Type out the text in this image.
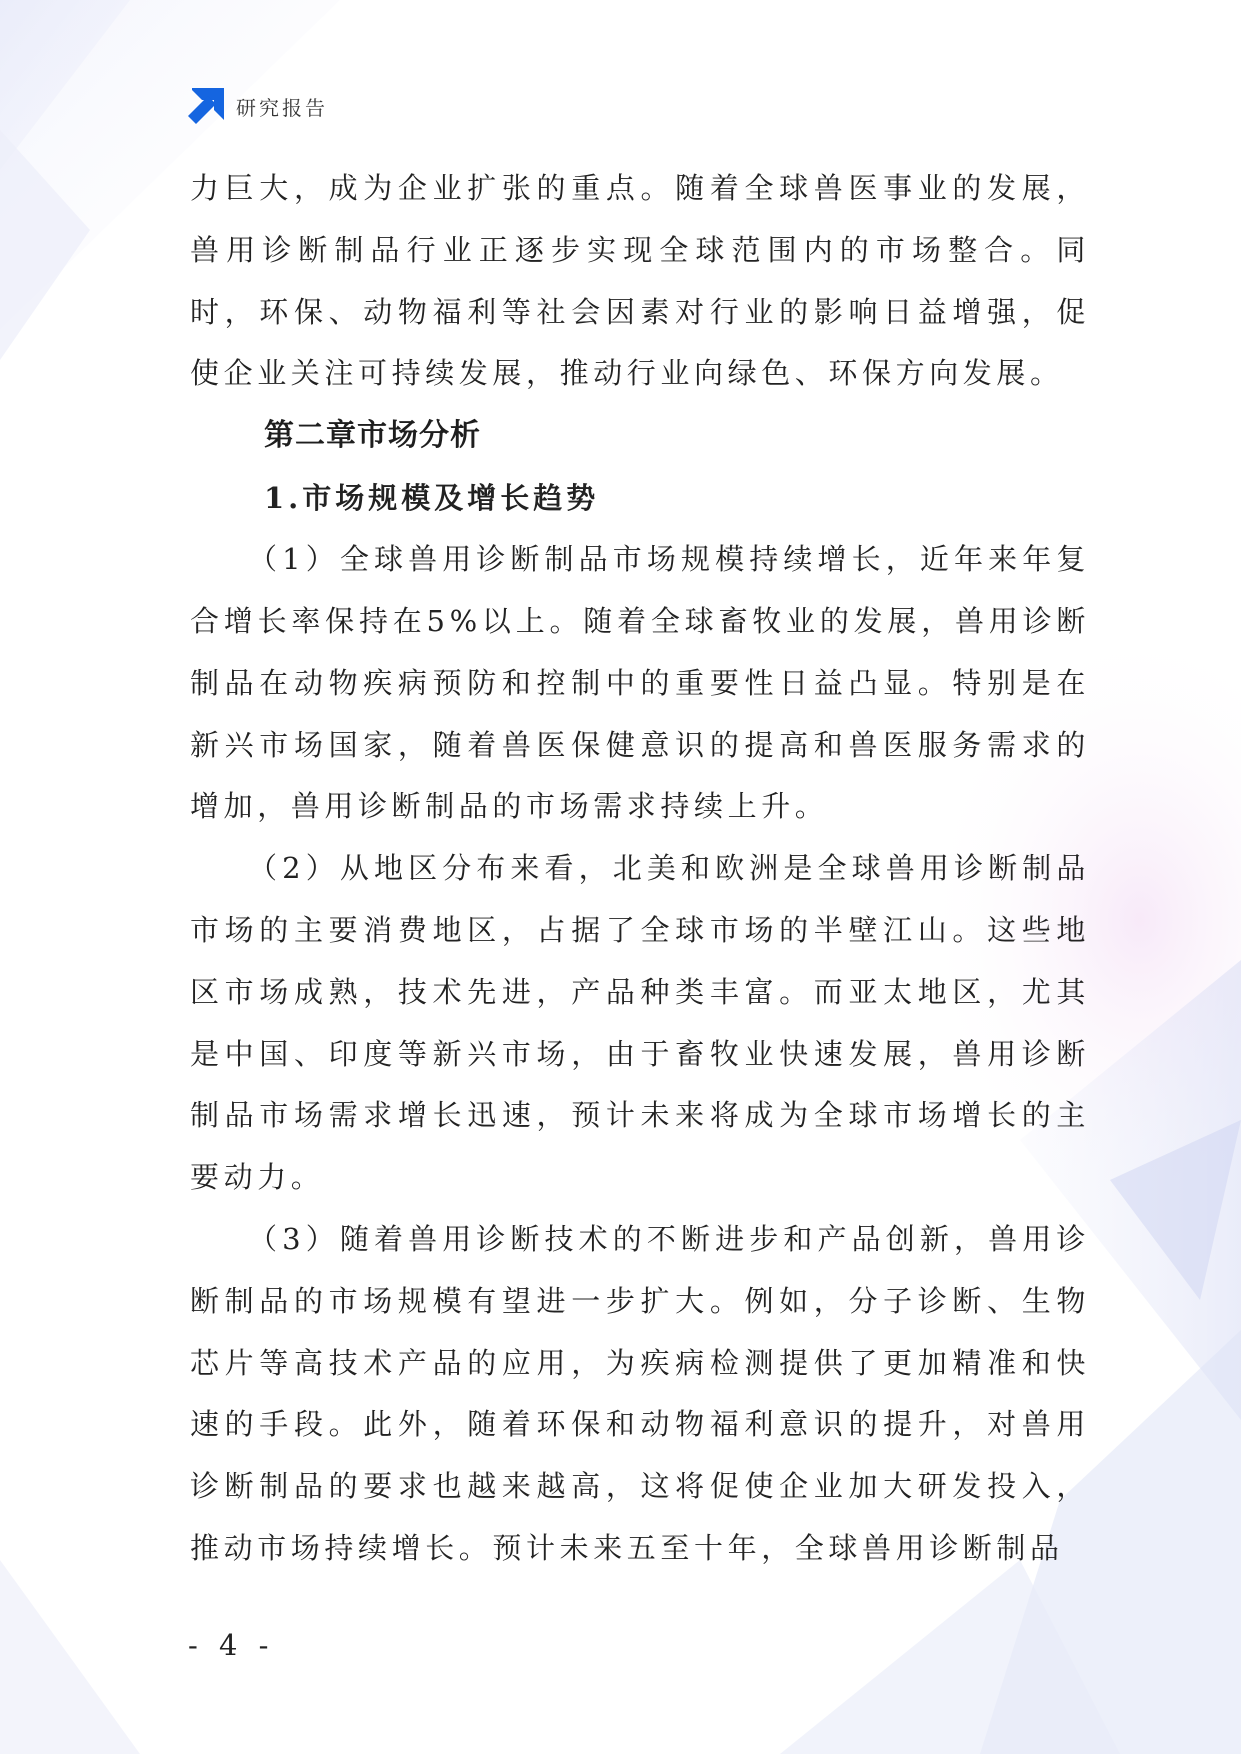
研究报告

力巨大，成为企业扩张的重点。随着全球兽医事业的发展，兽用诊断制品行业正逐步实现全球范围内的市场整合。同时，环保、动物福利等社会因素对行业的影响日益增强，促使企业关注可持续发展，推动行业向绿色、环保方向发展。

第二章市场分析
1.市场规模及增长趋势

（1）全球兽用诊断制品市场规模持续增长，近年来年复合增长率保持在5%以上。随着全球畜牧业的发展，兽用诊断制品在动物疾病预防和控制中的重要性日益凸显。特别是在新兴市场国家，随着兽医保健意识的提高和兽医服务需求的增加，兽用诊断制品的市场需求持续上升。

（2）从地区分布来看，北美和欧洲是全球兽用诊断制品市场的主要消费地区，占据了全球市场的半壁江山。这些地区市场成熟，技术先进，产品种类丰富。而亚太地区，尤其是中国、印度等新兴市场，由于畜牧业快速发展，兽用诊断制品市场需求增长迅速，预计未来将成为全球市场增长的主要动力。

（3）随着兽用诊断技术的不断进步和产品创新，兽用诊断制品的市场规模有望进一步扩大。例如，分子诊断、生物芯片等高技术产品的应用，为疾病检测提供了更加精准和快速的手段。此外，随着环保和动物福利意识的提升，对兽用诊断制品的要求也越来越高，这将促使企业加大研发投入，推动市场持续增长。预计未来五至十年，全球兽用诊断制品

- 4 -
